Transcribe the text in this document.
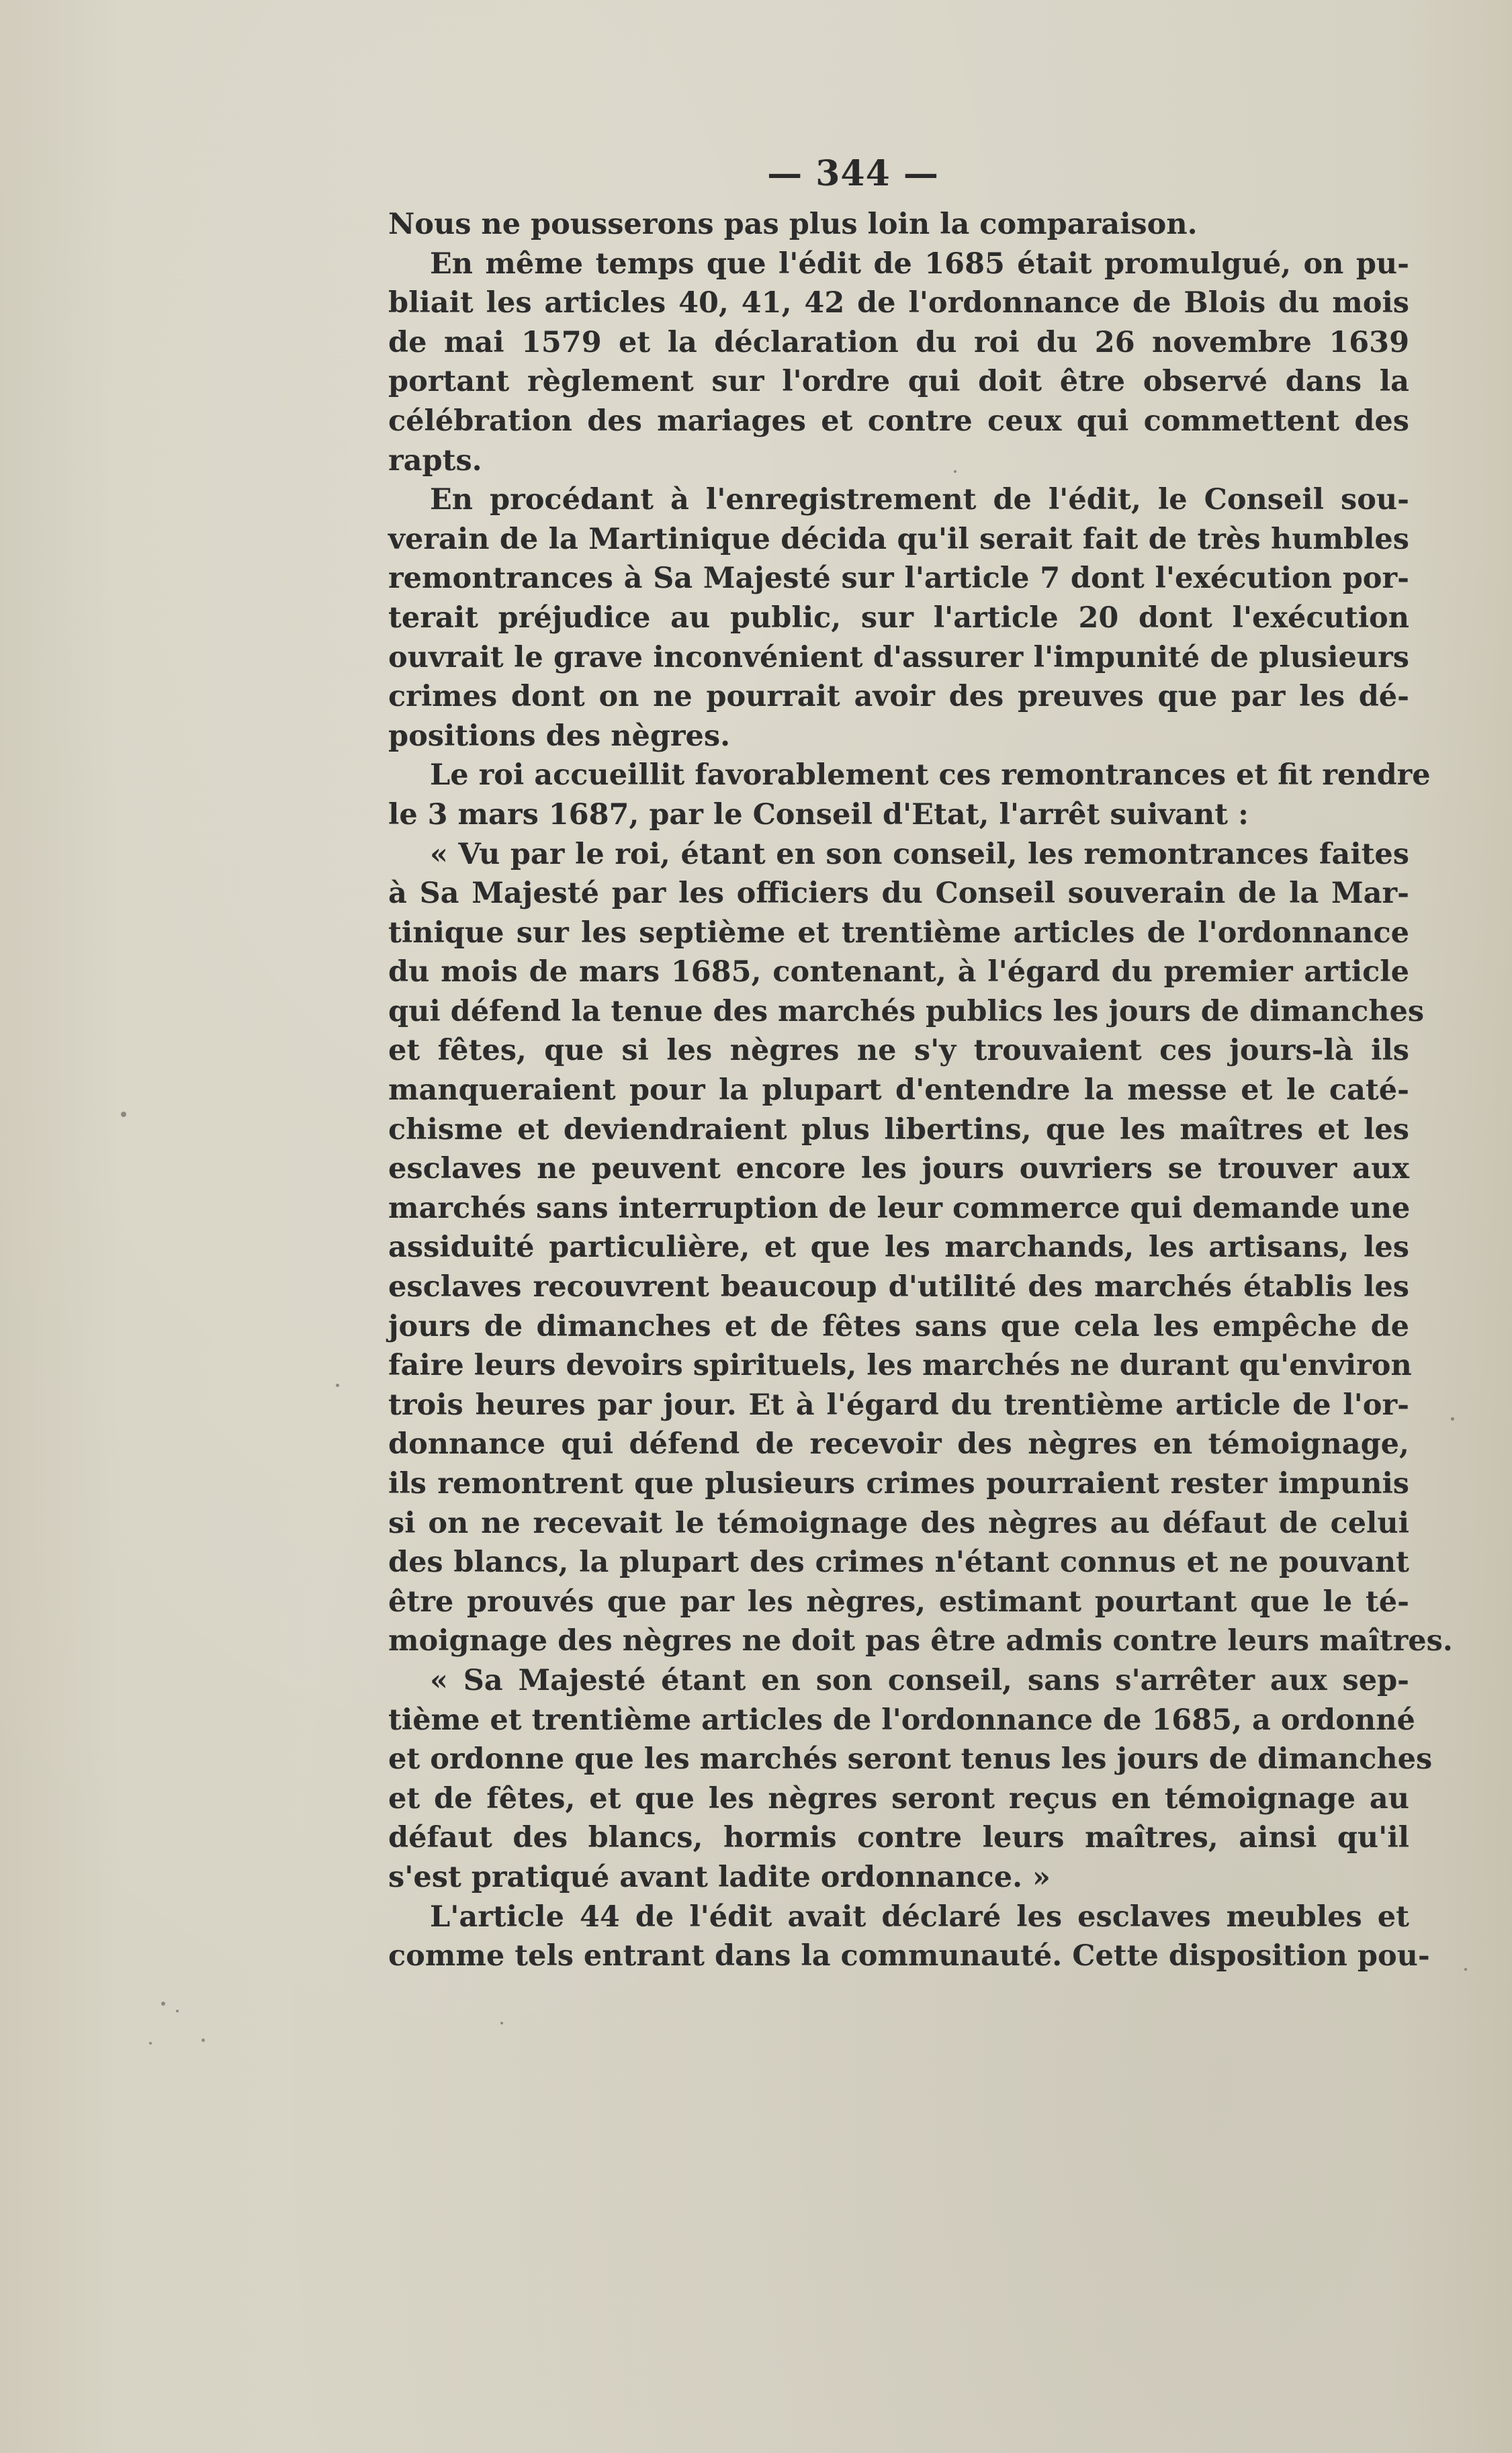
— 344 —
Nous ne pousserons pas plus loin la comparaison.
En même temps que l'édit de 1685 était promulgué, on pu-
bliait les articles 40, 41, 42 de l'ordonnance de Blois du mois
de mai 1579 et la déclaration du roi du 26 novembre 1639
portant règlement sur l'ordre qui doit être observé dans la
célébration des mariages et contre ceux qui commettent des
rapts.
En procédant à l'enregistrement de l'édit, le Conseil sou-
verain de la Martinique décida qu'il serait fait de très humbles
remontrances à Sa Majesté sur l'article 7 dont l'exécution por-
terait préjudice au public, sur l'article 20 dont l'exécution
ouvrait le grave inconvénient d'assurer l'impunité de plusieurs
crimes dont on ne pourrait avoir des preuves que par les dé-
positions des nègres.
Le roi accueillit favorablement ces remontrances et fit rendre
le 3 mars 1687, par le Conseil d'Etat, l'arrêt suivant :
« Vu par le roi, étant en son conseil, les remontrances faites
à Sa Majesté par les officiers du Conseil souverain de la Mar-
tinique sur les septième et trentième articles de l'ordonnance
du mois de mars 1685, contenant, à l'égard du premier article
qui défend la tenue des marchés publics les jours de dimanches
et fêtes, que si les nègres ne s'y trouvaient ces jours-là ils
manqueraient pour la plupart d'entendre la messe et le caté-
chisme et deviendraient plus libertins, que les maîtres et les
esclaves ne peuvent encore les jours ouvriers se trouver aux
marchés sans interruption de leur commerce qui demande une
assiduité particulière, et que les marchands, les artisans, les
esclaves recouvrent beaucoup d'utilité des marchés établis les
jours de dimanches et de fêtes sans que cela les empêche de
faire leurs devoirs spirituels, les marchés ne durant qu'environ
trois heures par jour. Et à l'égard du trentième article de l'or-
donnance qui défend de recevoir des nègres en témoignage,
ils remontrent que plusieurs crimes pourraient rester impunis
si on ne recevait le témoignage des nègres au défaut de celui
des blancs, la plupart des crimes n'étant connus et ne pouvant
être prouvés que par les nègres, estimant pourtant que le té-
moignage des nègres ne doit pas être admis contre leurs maîtres.
« Sa Majesté étant en son conseil, sans s'arrêter aux sep-
tième et trentième articles de l'ordonnance de 1685, a ordonné
et ordonne que les marchés seront tenus les jours de dimanches
et de fêtes, et que les nègres seront reçus en témoignage au
défaut des blancs, hormis contre leurs maîtres, ainsi qu'il
s'est pratiqué avant ladite ordonnance. »
L'article 44 de l'édit avait déclaré les esclaves meubles et
comme tels entrant dans la communauté. Cette disposition pou-
